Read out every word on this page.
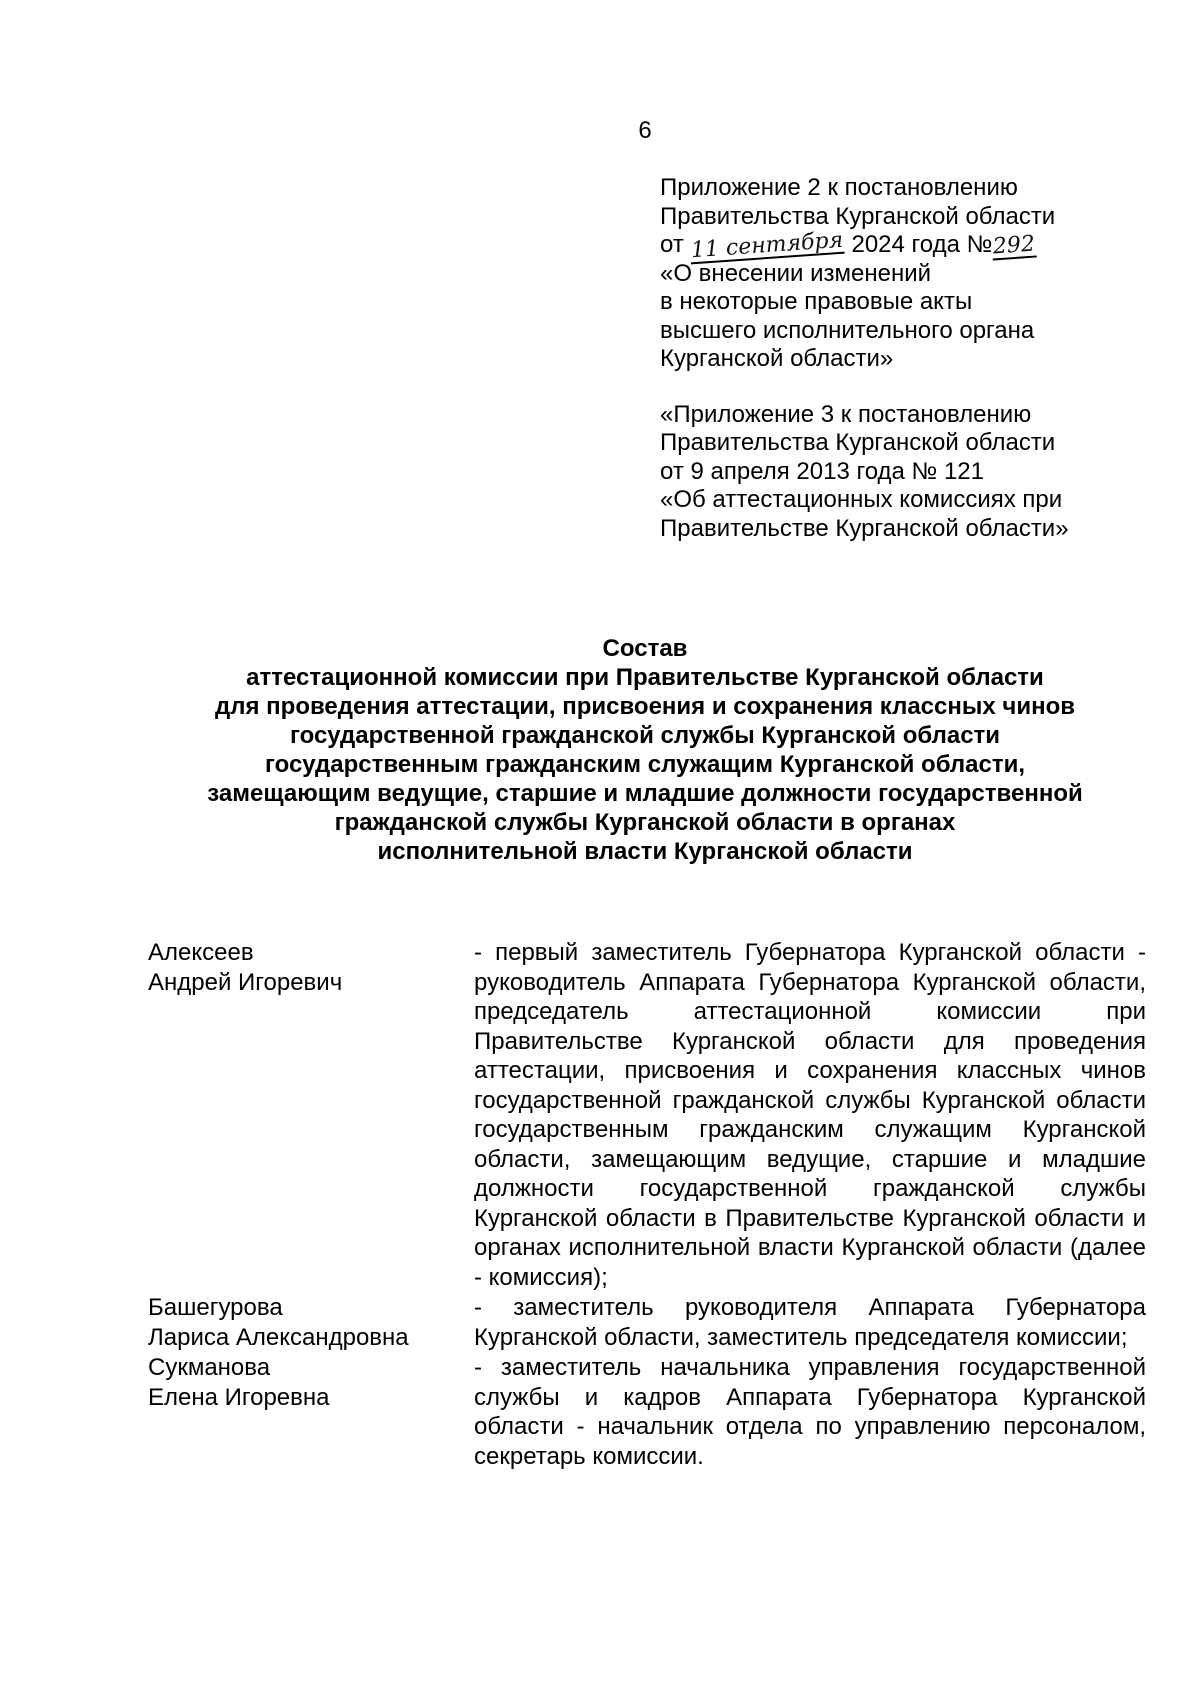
6
Приложение 2 к постановлению
Правительства Курганской области
от 11 сентября 2024 года №292
«О внесении изменений
в некоторые правовые акты
высшего исполнительного органа
Курганской области»
«Приложение 3 к постановлению
Правительства Курганской области
от 9 апреля 2013 года № 121
«Об аттестационных комиссиях при
Правительстве Курганской области»
Состав
аттестационной комиссии при Правительстве Курганской области
для проведения аттестации, присвоения и сохранения классных чинов
государственной гражданской службы Курганской области
государственным гражданским служащим Курганской области,
замещающим ведущие, старшие и младшие должности государственной
гражданской службы Курганской области в органах
исполнительной власти Курганской области
Алексеев
Андрей Игоревич
- первый заместитель Губернатора Курганской области - руководитель Аппарата Губернатора Курганской области, председатель аттестационной комиссии при Правительстве Курганской области для проведения аттестации, присвоения и сохранения классных чинов государственной гражданской службы Курганской области государственным гражданским служащим Курганской области, замещающим ведущие, старшие и младшие должности государственной гражданской службы Курганской области в Правительстве Курганской области и органах исполнительной власти Курганской области (далее - комиссия);
Башегурова
Лариса Александровна
- заместитель руководителя Аппарата Губернатора Курганской области, заместитель председателя комиссии;
Сукманова
Елена Игоревна
- заместитель начальника управления государственной службы и кадров Аппарата Губернатора Курганской области - начальник отдела по управлению персоналом, секретарь комиссии.
